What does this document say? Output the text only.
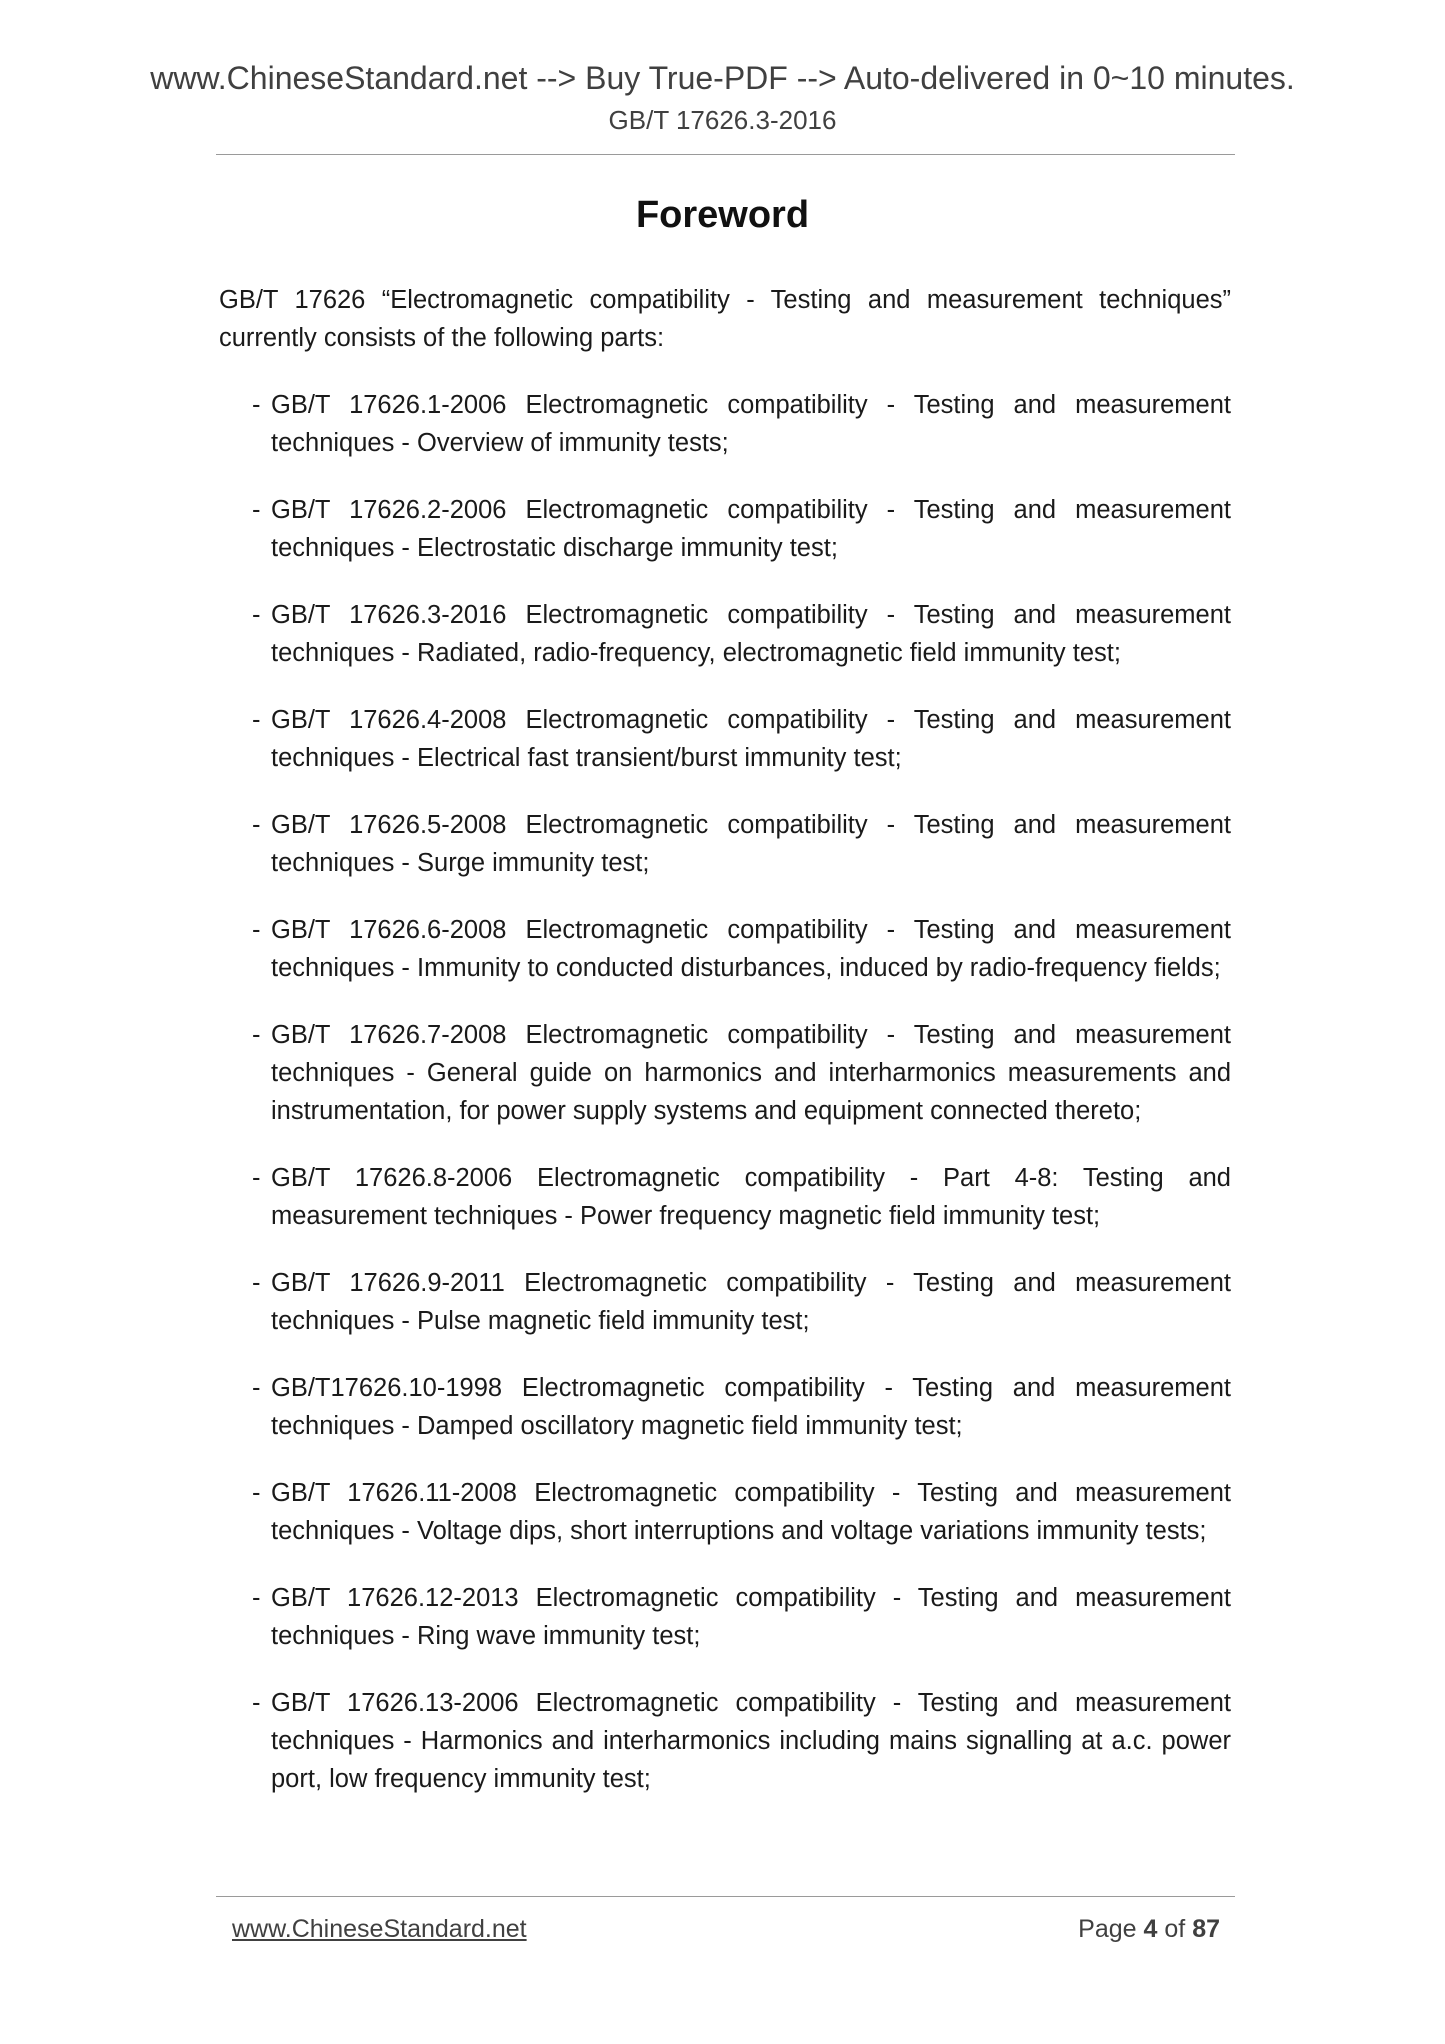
www.ChineseStandard.net --> Buy True-PDF --> Auto-delivered in 0~10 minutes.
GB/T 17626.3-2016
Foreword

GB/T 17626 “Electromagnetic compatibility - Testing and measurement techniques” currently consists of the following parts:

- GB/T 17626.1-2006 Electromagnetic compatibility - Testing and measurement techniques - Overview of immunity tests;
- GB/T 17626.2-2006 Electromagnetic compatibility - Testing and measurement techniques - Electrostatic discharge immunity test;
- GB/T 17626.3-2016 Electromagnetic compatibility - Testing and measurement techniques - Radiated, radio-frequency, electromagnetic field immunity test;
- GB/T 17626.4-2008 Electromagnetic compatibility - Testing and measurement techniques - Electrical fast transient/burst immunity test;
- GB/T 17626.5-2008 Electromagnetic compatibility - Testing and measurement techniques - Surge immunity test;
- GB/T 17626.6-2008 Electromagnetic compatibility - Testing and measurement techniques - Immunity to conducted disturbances, induced by radio-frequency fields;
- GB/T 17626.7-2008 Electromagnetic compatibility - Testing and measurement techniques - General guide on harmonics and interharmonics measurements and instrumentation, for power supply systems and equipment connected thereto;
- GB/T 17626.8-2006 Electromagnetic compatibility - Part 4-8: Testing and measurement techniques - Power frequency magnetic field immunity test;
- GB/T 17626.9-2011 Electromagnetic compatibility - Testing and measurement techniques - Pulse magnetic field immunity test;
- GB/T17626.10-1998 Electromagnetic compatibility - Testing and measurement techniques - Damped oscillatory magnetic field immunity test;
- GB/T 17626.11-2008 Electromagnetic compatibility - Testing and measurement techniques - Voltage dips, short interruptions and voltage variations immunity tests;
- GB/T 17626.12-2013 Electromagnetic compatibility - Testing and measurement techniques - Ring wave immunity test;
- GB/T 17626.13-2006 Electromagnetic compatibility - Testing and measurement techniques - Harmonics and interharmonics including mains signalling at a.c. power port, low frequency immunity test;
www.ChineseStandard.net	Page 4 of 87
